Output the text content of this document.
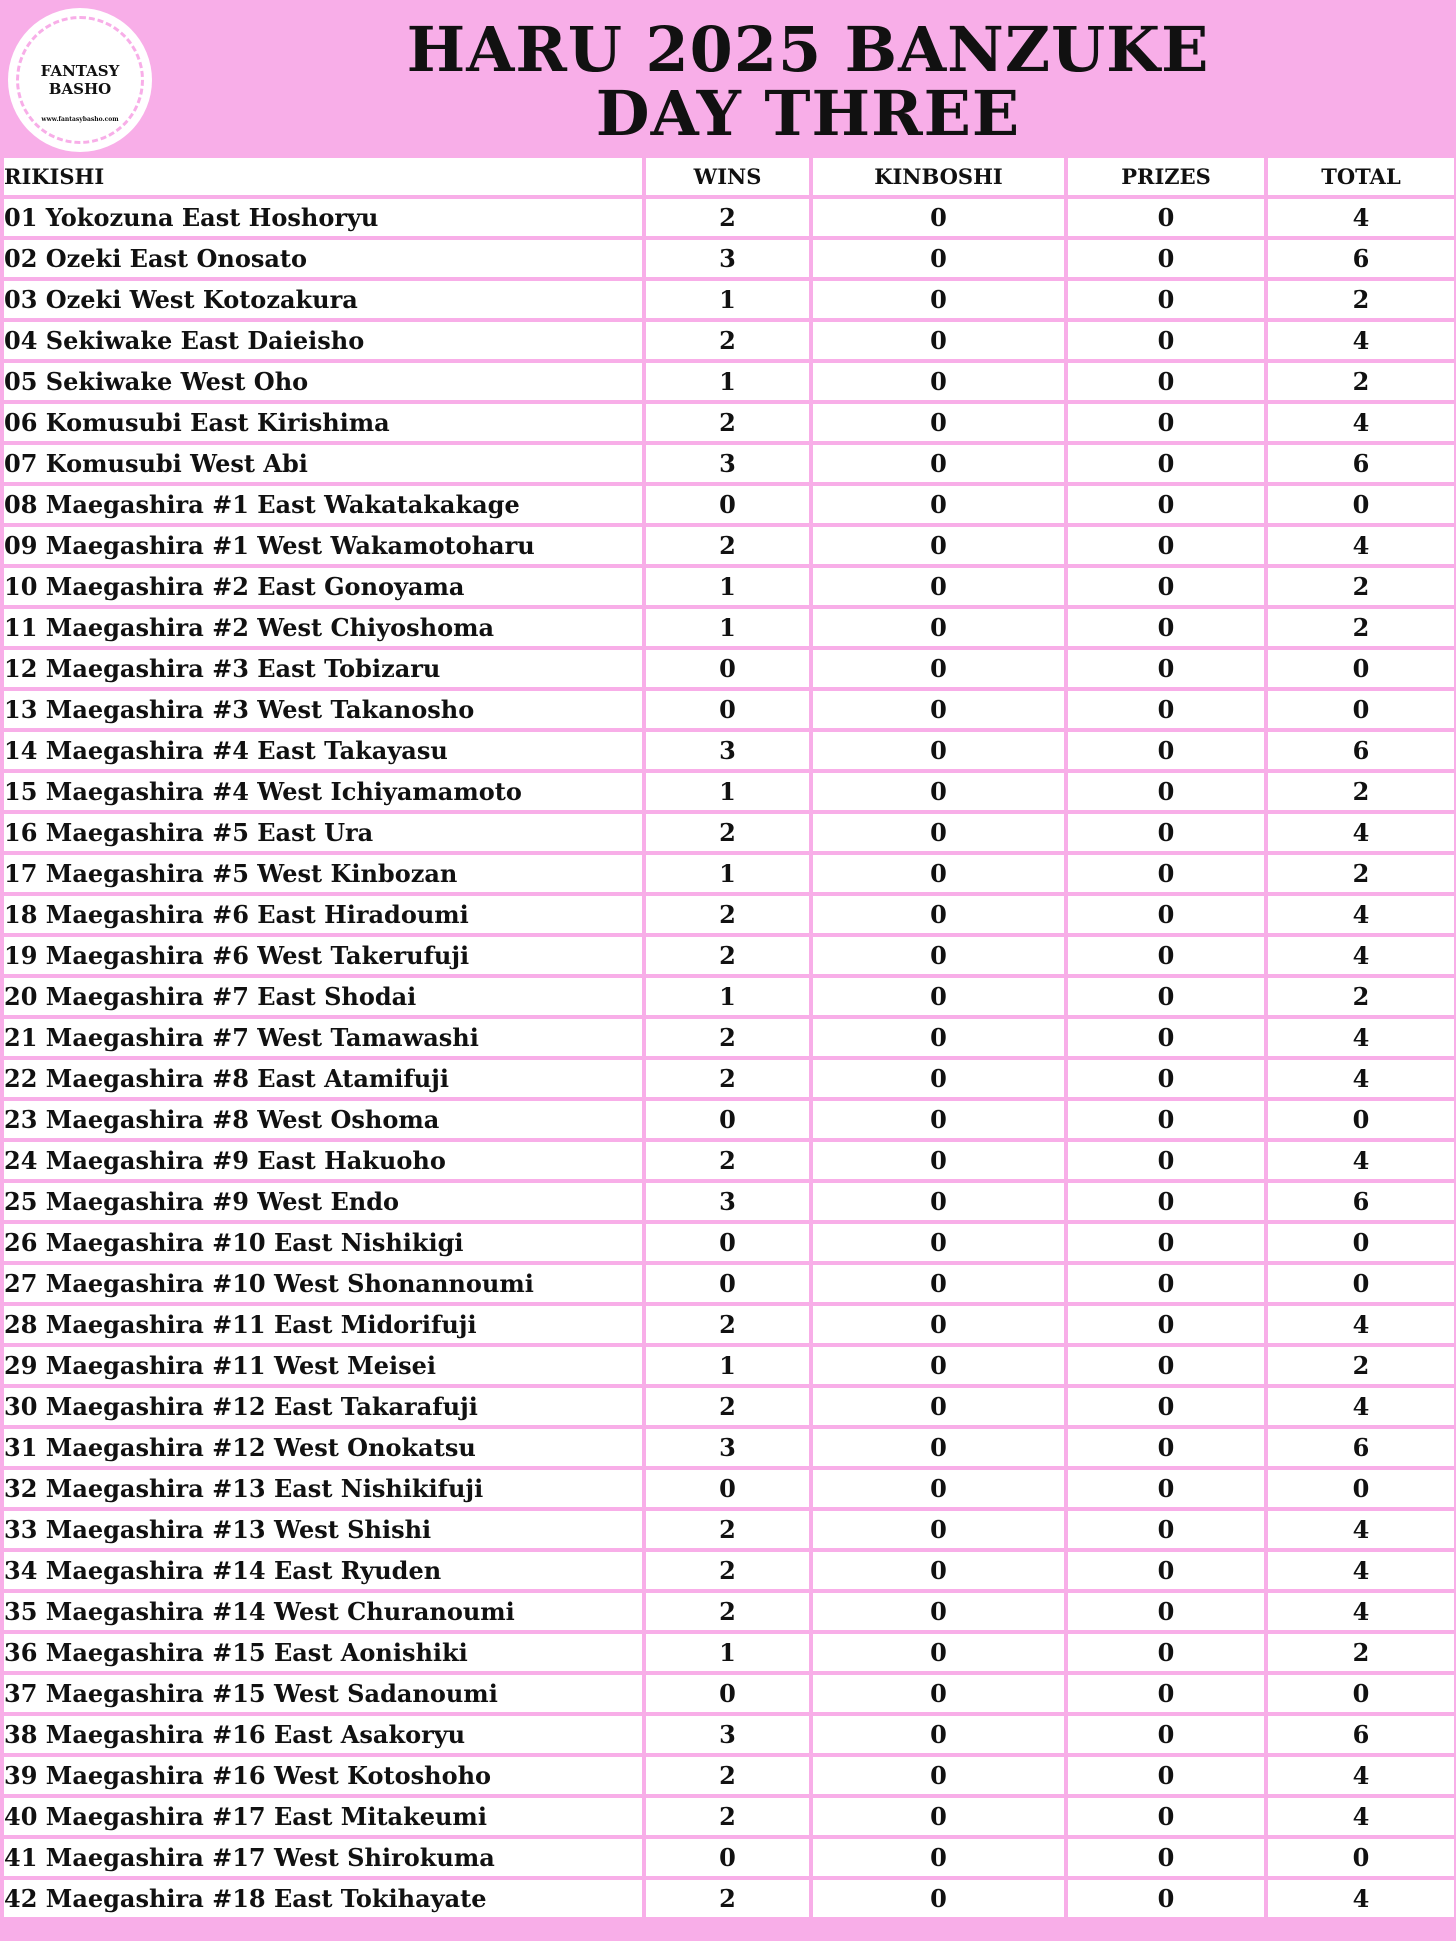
FANTASY
BASHO
www.fantasybasho.com
HARU 2025 BANZUKE
DAY THREE
RIKISHI	WINS	KINBOSHI	PRIZES	TOTAL
01 Yokozuna East Hoshoryu	2	0	0	4
02 Ozeki East Onosato	3	0	0	6
03 Ozeki West Kotozakura	1	0	0	2
04 Sekiwake East Daieisho	2	0	0	4
05 Sekiwake West Oho	1	0	0	2
06 Komusubi East Kirishima	2	0	0	4
07 Komusubi West Abi	3	0	0	6
08 Maegashira #1 East Wakatakakage	0	0	0	0
09 Maegashira #1 West Wakamotoharu	2	0	0	4
10 Maegashira #2 East Gonoyama	1	0	0	2
11 Maegashira #2 West Chiyoshoma	1	0	0	2
12 Maegashira #3 East Tobizaru	0	0	0	0
13 Maegashira #3 West Takanosho	0	0	0	0
14 Maegashira #4 East Takayasu	3	0	0	6
15 Maegashira #4 West Ichiyamamoto	1	0	0	2
16 Maegashira #5 East Ura	2	0	0	4
17 Maegashira #5 West Kinbozan	1	0	0	2
18 Maegashira #6 East Hiradoumi	2	0	0	4
19 Maegashira #6 West Takerufuji	2	0	0	4
20 Maegashira #7 East Shodai	1	0	0	2
21 Maegashira #7 West Tamawashi	2	0	0	4
22 Maegashira #8 East Atamifuji	2	0	0	4
23 Maegashira #8 West Oshoma	0	0	0	0
24 Maegashira #9 East Hakuoho	2	0	0	4
25 Maegashira #9 West Endo	3	0	0	6
26 Maegashira #10 East Nishikigi	0	0	0	0
27 Maegashira #10 West Shonannoumi	0	0	0	0
28 Maegashira #11 East Midorifuji	2	0	0	4
29 Maegashira #11 West Meisei	1	0	0	2
30 Maegashira #12 East Takarafuji	2	0	0	4
31 Maegashira #12 West Onokatsu	3	0	0	6
32 Maegashira #13 East Nishikifuji	0	0	0	0
33 Maegashira #13 West Shishi	2	0	0	4
34 Maegashira #14 East Ryuden	2	0	0	4
35 Maegashira #14 West Churanoumi	2	0	0	4
36 Maegashira #15 East Aonishiki	1	0	0	2
37 Maegashira #15 West Sadanoumi	0	0	0	0
38 Maegashira #16 East Asakoryu	3	0	0	6
39 Maegashira #16 West Kotoshoho	2	0	0	4
40 Maegashira #17 East Mitakeumi	2	0	0	4
41 Maegashira #17 West Shirokuma	0	0	0	0
42 Maegashira #18 East Tokihayate	2	0	0	4
